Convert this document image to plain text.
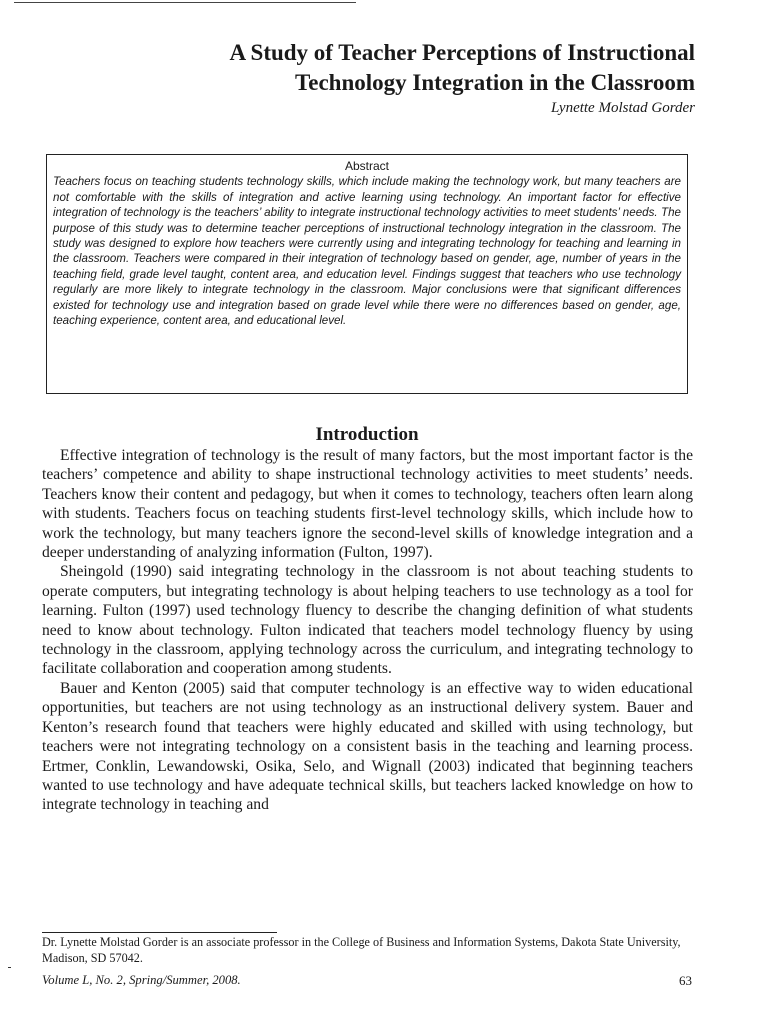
A Study of Teacher Perceptions of Instructional
Technology Integration in the Classroom
Lynette Molstad Gorder

Abstract

Teachers focus on teaching students technology skills, which include making the technology work, but many teachers are not comfortable with the skills of integration and active learning using technology. An important factor for effective integration of technology is the teachers’ ability to integrate instructional technology activities to meet students’ needs. The purpose of this study was to determine teacher perceptions of instructional technology integration in the classroom. The study was designed to explore how teachers were currently using and integrating technology for teaching and learning in the classroom. Teachers were compared in their integration of technology based on gender, age, number of years in the teaching field, grade level taught, content area, and education level. Findings suggest that teachers who use technology regularly are more likely to integrate technology in the classroom. Major conclusions were that significant differences existed for technology use and integration based on grade level while there were no differences based on gender, age, teaching experience, content area, and educational level.

Introduction

Effective integration of technology is the result of many factors, but the most important factor is the teachers’ competence and ability to shape instructional technology activities to meet students’ needs. Teachers know their content and pedagogy, but when it comes to technology, teachers often learn along with students. Teachers focus on teaching students first-level technology skills, which include how to work the technology, but many teachers ignore the second-level skills of knowledge integration and a deeper understanding of analyzing information (Fulton, 1997).

Sheingold (1990) said integrating technology in the classroom is not about teaching students to operate computers, but integrating technology is about helping teachers to use technology as a tool for learning. Fulton (1997) used technology fluency to describe the changing definition of what students need to know about technology. Fulton indicated that teachers model technology fluency by using technology in the classroom, applying technology across the curriculum, and integrating technology to facilitate collaboration and cooperation among students.

Bauer and Kenton (2005) said that computer technology is an effective way to widen educational opportunities, but teachers are not using technology as an instructional delivery system. Bauer and Kenton’s research found that teachers were highly educated and skilled with using technology, but teachers were not integrating technology on a consistent basis in the teaching and learning process. Ertmer, Conklin, Lewandowski, Osika, Selo, and Wignall (2003) indicated that beginning teachers wanted to use technology and have adequate technical skills, but teachers lacked knowledge on how to integrate technology in teaching and

Dr. Lynette Molstad Gorder is an associate professor in the College of Business and Information Systems, Dakota State University, Madison, SD 57042.

Volume L, No. 2, Spring/Summer, 2008.	63
